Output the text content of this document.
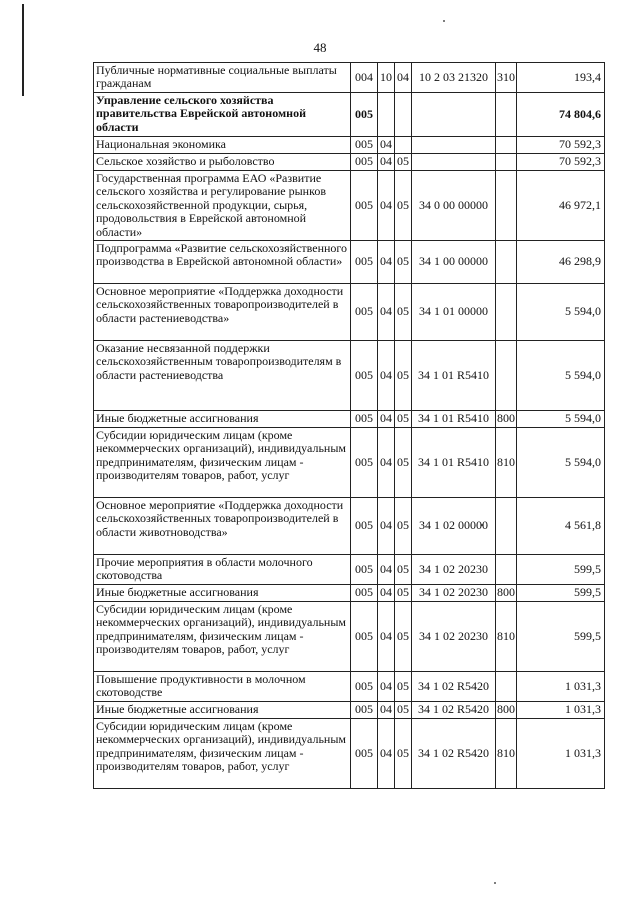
48
Публичные нормативные социальные выплаты гражданам	004	10	04	10 2 03 21320	310	193,4
Управление сельского хозяйства правительства Еврейской автономной области	005					74 804,6
Национальная экономика	005	04				70 592,3
Сельское хозяйство и рыболовство	005	04	05			70 592,3
Государственная программа ЕАО «Развитие сельского хозяйства и регулирование рынков сельскохозяйственной продукции, сырья, продовольствия в Еврейской автономной области»	005	04	05	34 0 00 00000		46 972,1
Подпрограмма «Развитие сельскохозяйственного производства в Еврейской автономной области»	005	04	05	34 1 00 00000		46 298,9
Основное мероприятие «Поддержка доходности сельскохозяйственных товаропроизводителей в области растениеводства»	005	04	05	34 1 01 00000		5 594,0
Оказание несвязанной поддержки сельскохозяйственным товаропроизводителям в области растениеводства	005	04	05	34 1 01 R5410		5 594,0
Иные бюджетные ассигнования	005	04	05	34 1 01 R5410	800	5 594,0
Субсидии юридическим лицам (кроме некоммерческих организаций), индивидуальным предпринимателям, физическим лицам - производителям товаров, работ, услуг	005	04	05	34 1 01 R5410	810	5 594,0
Основное мероприятие «Поддержка доходности сельскохозяйственных товаропроизводителей в области животноводства»	005	04	05	34 1 02 00000		4 561,8
Прочие мероприятия в области молочного скотоводства	005	04	05	34 1 02 20230		599,5
Иные бюджетные ассигнования	005	04	05	34 1 02 20230	800	599,5
Субсидии юридическим лицам (кроме некоммерческих организаций), индивидуальным предпринимателям, физическим лицам - производителям товаров, работ, услуг	005	04	05	34 1 02 20230	810	599,5
Повышение продуктивности в молочном скотоводстве	005	04	05	34 1 02 R5420		1 031,3
Иные бюджетные ассигнования	005	04	05	34 1 02 R5420	800	1 031,3
Субсидии юридическим лицам (кроме некоммерческих организаций), индивидуальным предпринимателям, физическим лицам - производителям товаров, работ, услуг	005	04	05	34 1 02 R5420	810	1 031,3
